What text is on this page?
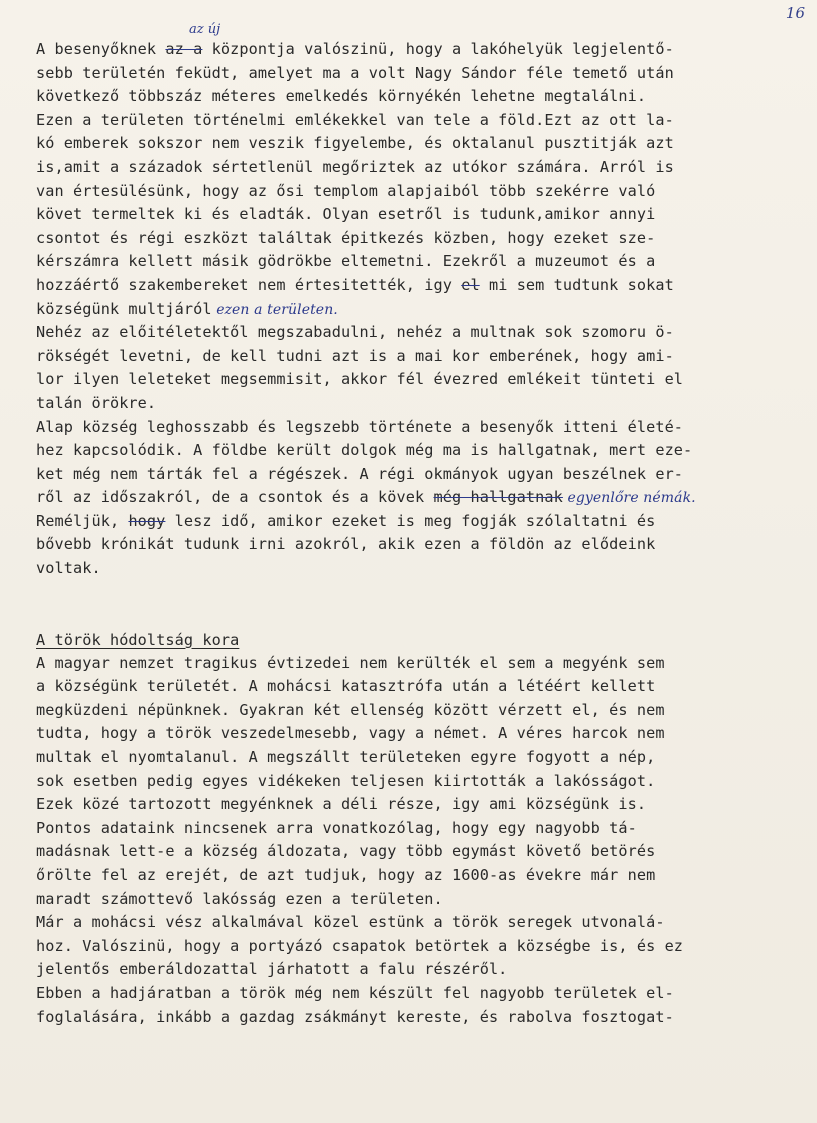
16
az új
A besenyőknek az a központja valószinü, hogy a lakóhelyük legjelentő-
sebb területén feküdt, amelyet ma a volt Nagy Sándor féle temető után
következő többszáz méteres emelkedés környékén lehetne megtalálni.
Ezen a területen történelmi emlékekkel van tele a föld.Ezt az ott la-
kó emberek sokszor nem veszik figyelembe, és oktalanul pusztitják azt
is,amit a századok sértetlenül megőriztek az utókor számára. Arról is
van értesülésünk, hogy az ősi templom alapjaiból több szekérre való
követ termeltek ki és eladták. Olyan esetről is tudunk,amikor annyi
csontot és régi eszközt találtak épitkezés közben, hogy ezeket sze-
kérszámra kellett másik gödrökbe eltemetni. Ezekről a muzeumot és a
hozzáértő szakembereket nem értesitették, igy el mi sem tudtunk sokat
községünk multjáról ezen a területen.
Nehéz az előitéletektől megszabadulni, nehéz a multnak sok szomoru ö-
rökségét levetni, de kell tudni azt is a mai kor emberének, hogy ami-
lor ilyen leleteket megsemmisit, akkor fél évezred emlékeit tünteti el
talán örökre.
Alap község leghosszabb és legszebb története a besenyők itteni életé-
hez kapcsolódik. A földbe került dolgok még ma is hallgatnak, mert eze-
ket még nem tárták fel a régészek. A régi okmányok ugyan beszélnek er-
ről az időszakról, de a csontok és a kövek még hallgatnak egyenlőre némák.
Reméljük, hogy lesz idő, amikor ezeket is meg fogják szólaltatni és
bővebb krónikát tudunk irni azokról, akik ezen a földön az elődeink
voltak.
A török hódoltság kora
A magyar nemzet tragikus évtizedei nem kerülték el sem a megyénk sem
a községünk területét. A mohácsi katasztrófa után a létéért kellett
megküzdeni népünknek. Gyakran két ellenség között vérzett el, és nem
tudta, hogy a török veszedelmesebb, vagy a német. A véres harcok nem
multak el nyomtalanul. A megszállt területeken egyre fogyott a nép,
sok esetben pedig egyes vidékeken teljesen kiirtották a lakósságot.
Ezek közé tartozott megyénknek a déli része, igy ami községünk is.
Pontos adataink nincsenek arra vonatkozólag, hogy egy nagyobb tá-
madásnak lett-e a község áldozata, vagy több egymást követő betörés
őrölte fel az erejét, de azt tudjuk, hogy az 1600-as évekre már nem
maradt számottevő lakósság ezen a területen.
Már a mohácsi vész alkalmával közel estünk a török seregek utvonalá-
hoz. Valószinü, hogy a portyázó csapatok betörtek a községbe is, és ez
jelentős emberáldozattal járhatott a falu részéről.
Ebben a hadjáratban a török még nem készült fel nagyobb területek el-
foglalására, inkább a gazdag zsákmányt kereste, és rabolva fosztogat-
